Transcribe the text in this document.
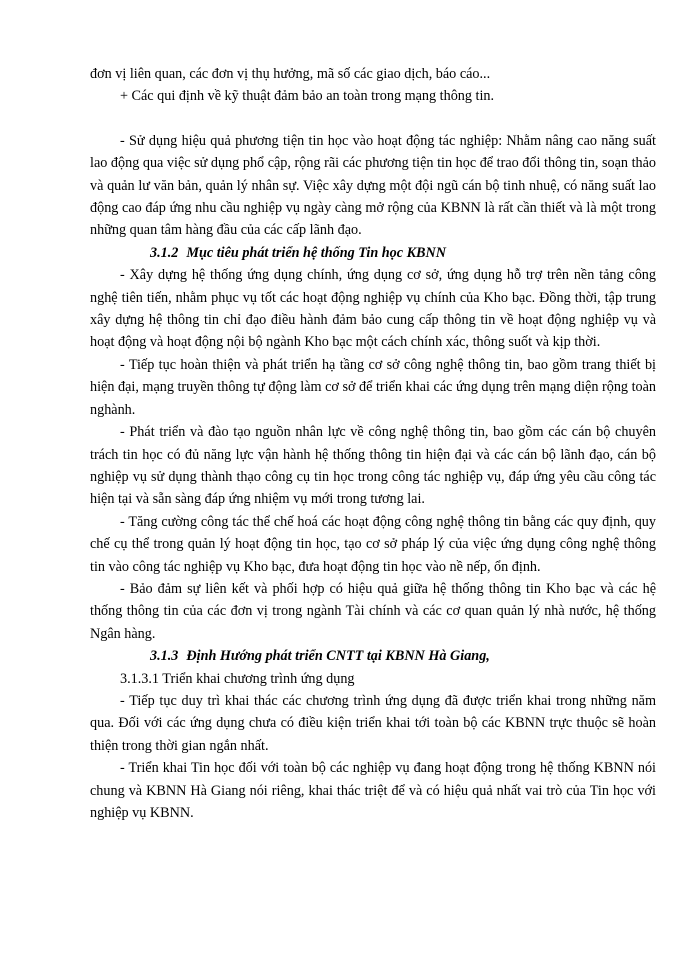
đơn vị liên quan, các đơn vị thụ hưởng, mã số các giao dịch, báo cáo...

+ Các qui định về kỹ thuật đảm bảo an toàn trong mạng thông tin.

- Sử dụng hiệu quả phương tiện tin học vào hoạt động tác nghiệp: Nhằm nâng cao năng suất lao động qua việc sử dụng phổ cập, rộng rãi các phương tiện tin học để trao đổi thông tin, soạn thảo và quản lư văn bản, quản lý nhân sự. Việc xây dựng một đội ngũ cán bộ tinh nhuệ, có năng suất lao động cao đáp ứng nhu cầu nghiệp vụ ngày càng mở rộng của KBNN là rất cần thiết và là một trong những quan tâm hàng đầu của các cấp lãnh đạo.

3.1.2 Mục tiêu phát triển hệ thống Tin học KBNN

- Xây dựng hệ thống ứng dụng chính, ứng dụng cơ sở, ứng dụng hỗ trợ trên nền tảng công nghệ tiên tiến, nhằm phục vụ tốt các hoạt động nghiệp vụ chính của Kho bạc. Đồng thời, tập trung xây dựng hệ thông tin chỉ đạo điều hành đảm bảo cung cấp thông tin về hoạt động nghiệp vụ và hoạt động và hoạt động nội bộ ngành Kho bạc một cách chính xác, thông suốt và kịp thời.

- Tiếp tục hoàn thiện và phát triển hạ tầng cơ sở công nghệ thông tin, bao gồm trang thiết bị hiện đại, mạng truyền thông tự động làm cơ sở để triển khai các ứng dụng trên mạng diện rộng toàn nghành.

- Phát triển và đào tạo nguồn nhân lực về công nghệ thông tin, bao gồm các cán bộ chuyên trách tin học có đủ năng lực vận hành hệ thống thông tin hiện đại và các cán bộ lãnh đạo, cán bộ nghiệp vụ sử dụng thành thạo công cụ tin học trong công tác nghiệp vụ, đáp ứng yêu cầu công tác hiện tại và sẵn sàng đáp ứng nhiệm vụ mới trong tương lai.

- Tăng cường công tác thể chế hoá các hoạt động công nghệ thông tin bằng các quy định, quy chế cụ thể trong quản lý hoạt động tin học, tạo cơ sở pháp lý của việc ứng dụng công nghệ thông tin vào công tác nghiệp vụ Kho bạc, đưa hoạt động tin học vào nề nếp, ổn định.

- Bảo đảm sự liên kết và phối hợp có hiệu quả giữa hệ thống thông tin Kho bạc và các hệ thống thông tin của các đơn vị trong ngành Tài chính và các cơ quan quản lý nhà nước, hệ thống Ngân hàng.

3.1.3 Định Hướng phát triển CNTT tại KBNN Hà Giang,

3.1.3.1 Triển khai chương trình ứng dụng

- Tiếp tục duy trì khai thác các chương trình ứng dụng đã được triển khai trong những năm qua. Đối với các ứng dụng chưa có điều kiện triển khai tới toàn bộ các KBNN trực thuộc sẽ hoàn thiện trong thời gian ngắn nhất.

- Triển khai Tin học đối với toàn bộ các nghiệp vụ đang hoạt động trong hệ thống KBNN nói chung và KBNN Hà Giang nói riêng, khai thác triệt để và có hiệu quả nhất vai trò của Tin học với nghiệp vụ KBNN.
